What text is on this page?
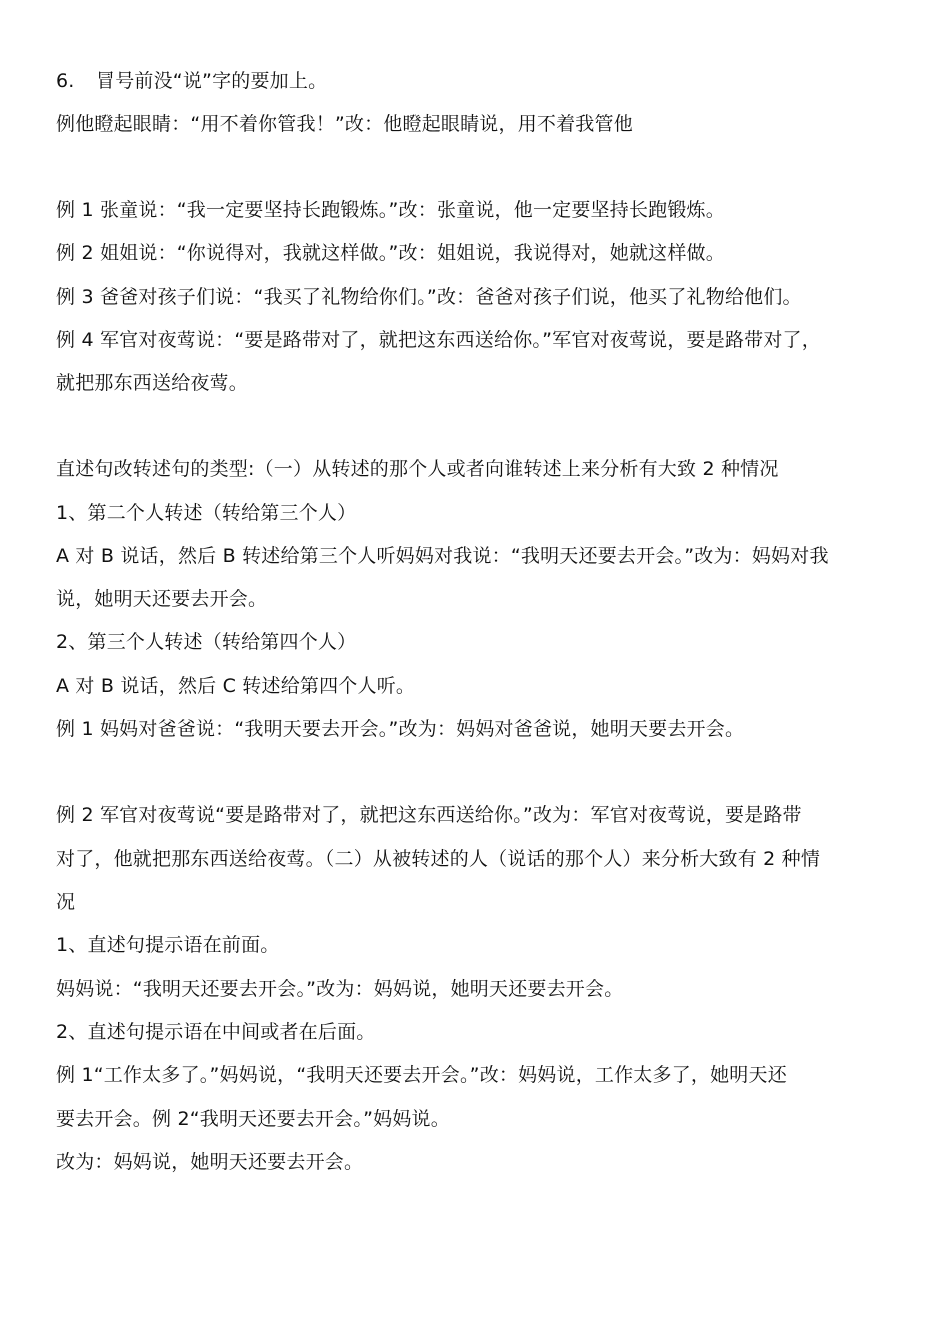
6. 冒号前没“说”字的要加上。
例他瞪起眼睛：“用不着你管我！”改：他瞪起眼睛说，用不着我管他
例 1 张童说：“我一定要坚持长跑锻炼。”改：张童说，他一定要坚持长跑锻炼。
例 2 姐姐说：“你说得对，我就这样做。”改：姐姐说，我说得对，她就这样做。
例 3 爸爸对孩子们说：“我买了礼物给你们。”改：爸爸对孩子们说，他买了礼物给他们。
例 4 军官对夜莺说：“要是路带对了，就把这东西送给你。”军官对夜莺说，要是路带对了，
就把那东西送给夜莺。
直述句改转述句的类型:（一）从转述的那个人或者向谁转述上来分析有大致 2 种情况
1、第二个人转述（转给第三个人）
A 对 B 说话，然后 B 转述给第三个人听妈妈对我说：“我明天还要去开会。”改为：妈妈对我
说，她明天还要去开会。
2、第三个人转述（转给第四个人）
A 对 B 说话，然后 C 转述给第四个人听。
例 1 妈妈对爸爸说：“我明天要去开会。”改为：妈妈对爸爸说，她明天要去开会。
例 2 军官对夜莺说“要是路带对了，就把这东西送给你。”改为：军官对夜莺说，要是路带
对了，他就把那东西送给夜莺。（二）从被转述的人（说话的那个人）来分析大致有 2 种情
况
1、直述句提示语在前面。
妈妈说：“我明天还要去开会。”改为：妈妈说，她明天还要去开会。
2、直述句提示语在中间或者在后面。
例 1“工作太多了。”妈妈说，“我明天还要去开会。”改：妈妈说，工作太多了，她明天还
要去开会。例 2“我明天还要去开会。”妈妈说。
改为：妈妈说，她明天还要去开会。
